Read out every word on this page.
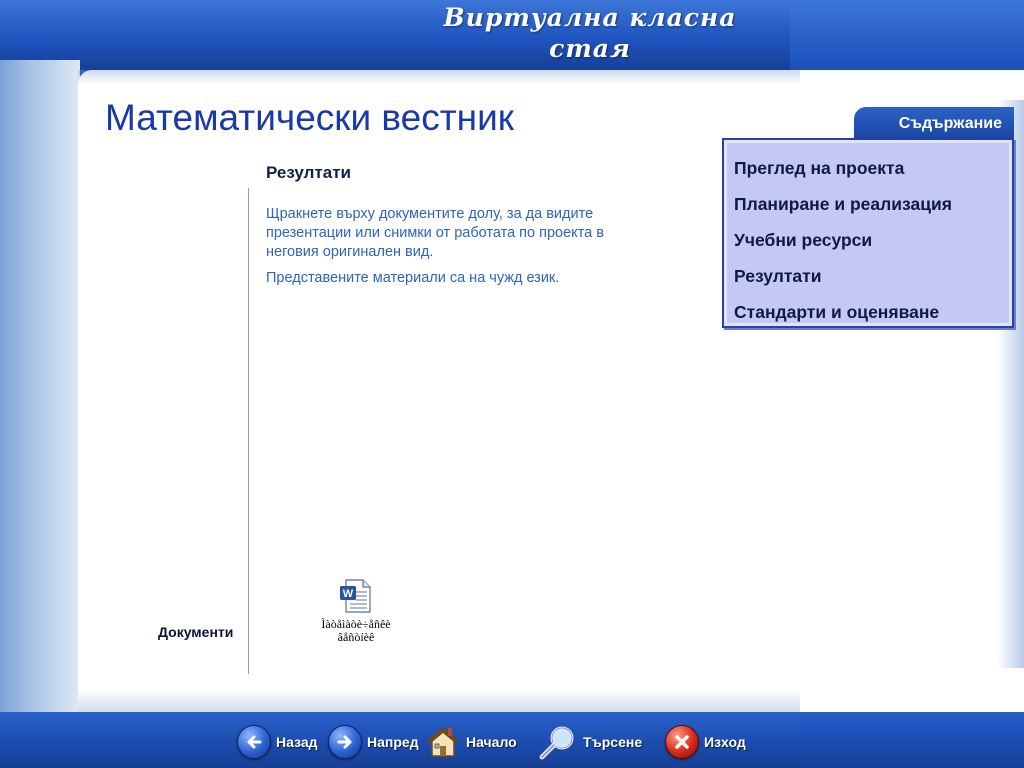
Виртуална класна
стая
Математически вестник
Резултати

Щракнете върху документите долу, за да видите презентации или снимки от работата по проекта в неговия оригинален вид.

Представените материали са на чужд език.

Документи
W
Ìàòåìàòè÷åñêè
âåñòíèê
Съдържание
Преглед на проекта
Планиране и реализация
Учебни ресурси
Резултати
Стандарти и оценяване
Назад	Напред	Начало	Търсене	Изход
